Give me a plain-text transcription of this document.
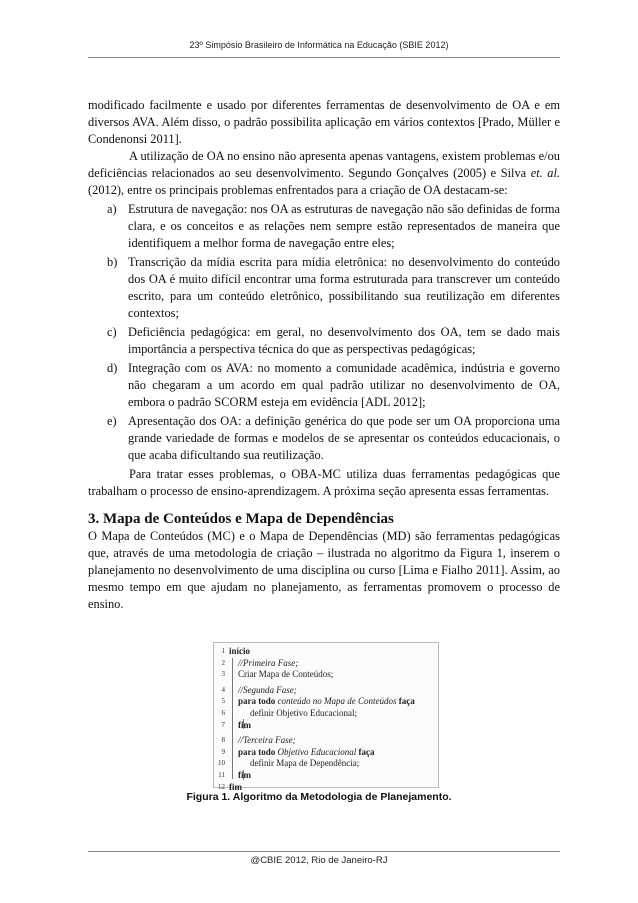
23º Simpósio Brasileiro de Informática na Educação (SBIE 2012)

modificado facilmente e usado por diferentes ferramentas de desenvolvimento de OA e em diversos AVA. Além disso, o padrão possibilita aplicação em vários contextos [Prado, Müller e Condenonsi 2011].

A utilização de OA no ensino não apresenta apenas vantagens, existem problemas e/ou deficiências relacionados ao seu desenvolvimento. Segundo Gonçalves (2005) e Silva et. al. (2012), entre os principais problemas enfrentados para a criação de OA destacam-se:

a) Estrutura de navegação: nos OA as estruturas de navegação não são definidas de forma clara, e os conceitos e as relações nem sempre estão representados de maneira que identifiquem a melhor forma de navegação entre eles;
b) Transcrição da mídia escrita para mídia eletrônica: no desenvolvimento do conteúdo dos OA é muito difícil encontrar uma forma estruturada para transcrever um conteúdo escrito, para um conteúdo eletrônico, possibilitando sua reutilização em diferentes contextos;
c) Deficiência pedagógica: em geral, no desenvolvimento dos OA, tem se dado mais importância a perspectiva técnica do que as perspectivas pedagógicas;
d) Integração com os AVA: no momento a comunidade acadêmica, indústria e governo não chegaram a um acordo em qual padrão utilizar no desenvolvimento de OA, embora o padrão SCORM esteja em evidência [ADL 2012];
e) Apresentação dos OA: a definição genérica do que pode ser um OA proporciona uma grande variedade de formas e modelos de se apresentar os conteúdos educacionais, o que acaba dificultando sua reutilização.

Para tratar esses problemas, o OBA-MC utiliza duas ferramentas pedagógicas que trabalham o processo de ensino-aprendizagem. A próxima seção apresenta essas ferramentas.

3. Mapa de Conteúdos e Mapa de Dependências

O Mapa de Conteúdos (MC) e o Mapa de Dependências (MD) são ferramentas pedagógicas que, através de uma metodologia de criação – ilustrada no algoritmo da Figura 1, inserem o planejamento no desenvolvimento de uma disciplina ou curso [Lima e Fialho 2011]. Assim, ao mesmo tempo em que ajudam no planejamento, as ferramentas promovem o processo de ensino.

1 início
2 //Primeira Fase;
3 Criar Mapa de Conteúdos;
4 //Segunda Fase;
5 para todo conteúdo no Mapa de Conteúdos faça
6	definir Objetivo Educacional;
7 fim
8 //Terceira Fase;
9 para todo Objetivo Educacional faça
10	definir Mapa de Dependência;
11 fim
12 fim
Figura 1. Algoritmo da Metodologia de Planejamento.
@CBIE 2012, Rio de Janeiro-RJ
